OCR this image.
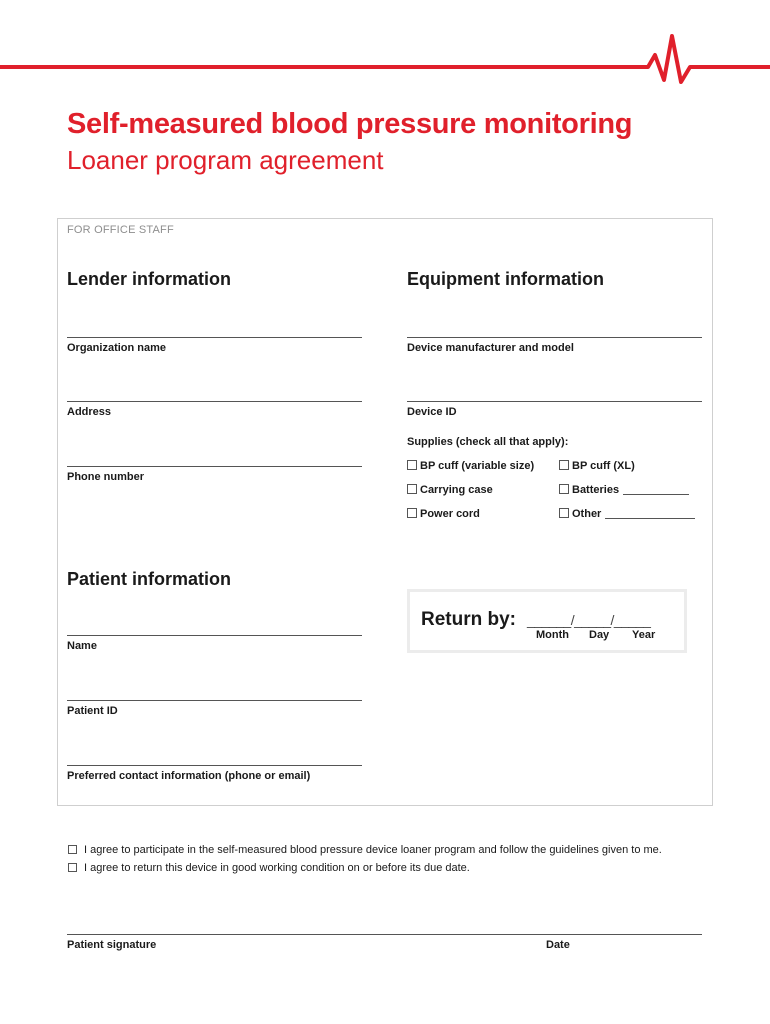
Self-measured blood pressure monitoring
Loaner program agreement
FOR OFFICE STAFF
Lender information
Organization name
Address
Phone number
Equipment information
Device manufacturer and model
Device ID
Supplies (check all that apply):
BP cuff (variable size)	BP cuff (XL)
Carrying case	Batteries
Power cord	Other
Patient information
Name
Patient ID
Preferred contact information (phone or email)
Return by: ______/_____/_____
Month Day Year
I agree to participate in the self-measured blood pressure device loaner program and follow the guidelines given to me.
I agree to return this device in good working condition on or before its due date.
Patient signature	Date
